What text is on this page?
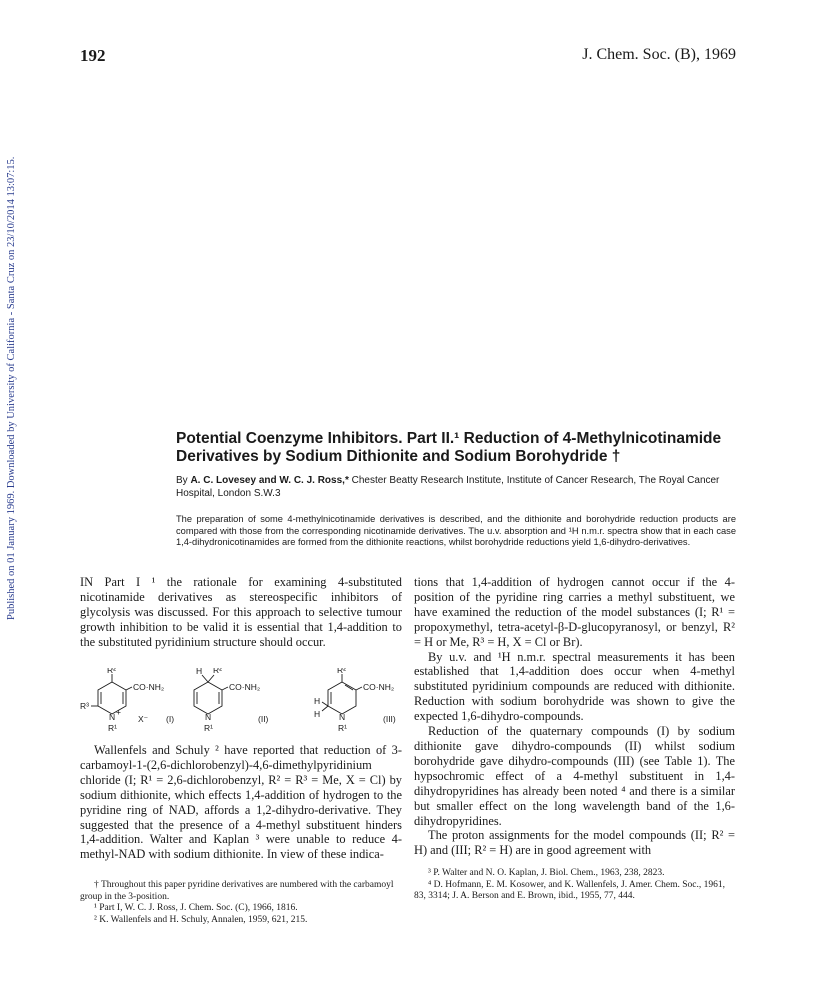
192	J. Chem. Soc. (B), 1969
Published on 01 January 1969. Downloaded by University of California - Santa Cruz on 23/10/2014 13:07:15.	Potential Coenzyme Inhibitors. Part II.¹ Reduction of 4-Methylnicotinamide Derivatives by Sodium Dithionite and Sodium Borohydride †
By A. C. Lovesey and W. C. J. Ross,* Chester Beatty Research Institute, Institute of Cancer Research, The Royal Cancer Hospital, London S.W.3
The preparation of some 4-methylnicotinamide derivatives is described, and the dithionite and borohydride reduction products are compared with those from the corresponding nicotinamide derivatives. The u.v. absorption and ¹H n.m.r. spectra show that in each case 1,4-dihydronicotinamides are formed from the dithionite reactions, whilst borohydride reductions yield 1,6-dihydro-derivatives.

IN Part I ¹ the rationale for examining 4-substituted nicotinamide derivatives as stereospecific inhibitors of glycolysis was discussed. For this approach to selective tumour growth inhibition to be valid it is essential that 1,4-addition to the substituted pyridinium structure should occur.

R²
CO·NH₂
R³
N +
R¹
X⁻ (I)
H R²
CO·NH₂
N
R¹
(II)
R²
CO·NH₂
H
H N
R¹
(III)

Wallenfels and Schuly ² have reported that reduction of 3-carbamoyl-1-(2,6-dichlorobenzyl)-4,6-dimethylpyridinium chloride (I; R¹ = 2,6-dichlorobenzyl, R² = R³ = Me, X = Cl) by sodium dithionite, which effects 1,4-addition of hydrogen to the pyridine ring of NAD, affords a 1,2-dihydro-derivative. They suggested that the presence of a 4-methyl substituent hinders 1,4-addition. Walter and Kaplan ³ were unable to reduce 4-methyl-NAD with sodium dithionite. In view of these indica-

tions that 1,4-addition of hydrogen cannot occur if the 4-position of the pyridine ring carries a methyl substituent, we have examined the reduction of the model substances (I; R¹ = propoxymethyl, tetra-acetyl-β-D-glucopyranosyl, or benzyl, R² = H or Me, R³ = H, X = Cl or Br).

By u.v. and ¹H n.m.r. spectral measurements it has been established that 1,4-addition does occur when 4-methyl substituted pyridinium compounds are reduced with dithionite. Reduction with sodium borohydride was shown to give the expected 1,6-dihydro-compounds.

Reduction of the quaternary compounds (I) by sodium dithionite gave dihydro-compounds (II) whilst sodium borohydride gave dihydro-compounds (III) (see Table 1). The hypsochromic effect of a 4-methyl substituent in 1,4-dihydropyridines has already been noted ⁴ and there is a similar but smaller effect on the long wavelength band of the 1,6-dihydropyridines.

The proton assignments for the model compounds (II; R² = H) and (III; R² = H) are in good agreement with

† Throughout this paper pyridine derivatives are numbered with the carbamoyl group in the 3-position.

¹ Part I, W. C. J. Ross, J. Chem. Soc. (C), 1966, 1816.

² K. Wallenfels and H. Schuly, Annalen, 1959, 621, 215.

³ P. Walter and N. O. Kaplan, J. Biol. Chem., 1963, 238, 2823.

⁴ D. Hofmann, E. M. Kosower, and K. Wallenfels, J. Amer. Chem. Soc., 1961, 83, 3314; J. A. Berson and E. Brown, ibid., 1955, 77, 444.
